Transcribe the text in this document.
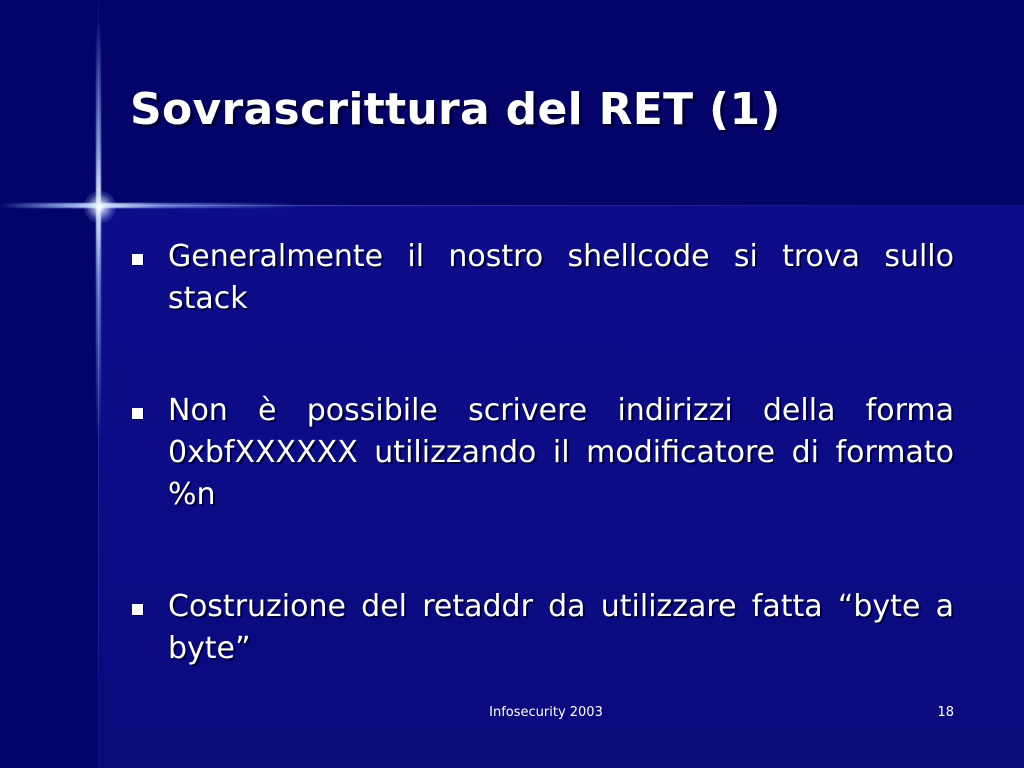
Sovrascrittura del RET (1)
Generalmente il nostro shellcode si trova sullo stack
Non è possibile scrivere indirizzi della forma 0xbfXXXXXX utilizzando il modificatore di formato %n
Costruzione del retaddr da utilizzare fatta “byte a byte”
Infosecurity 2003	18
